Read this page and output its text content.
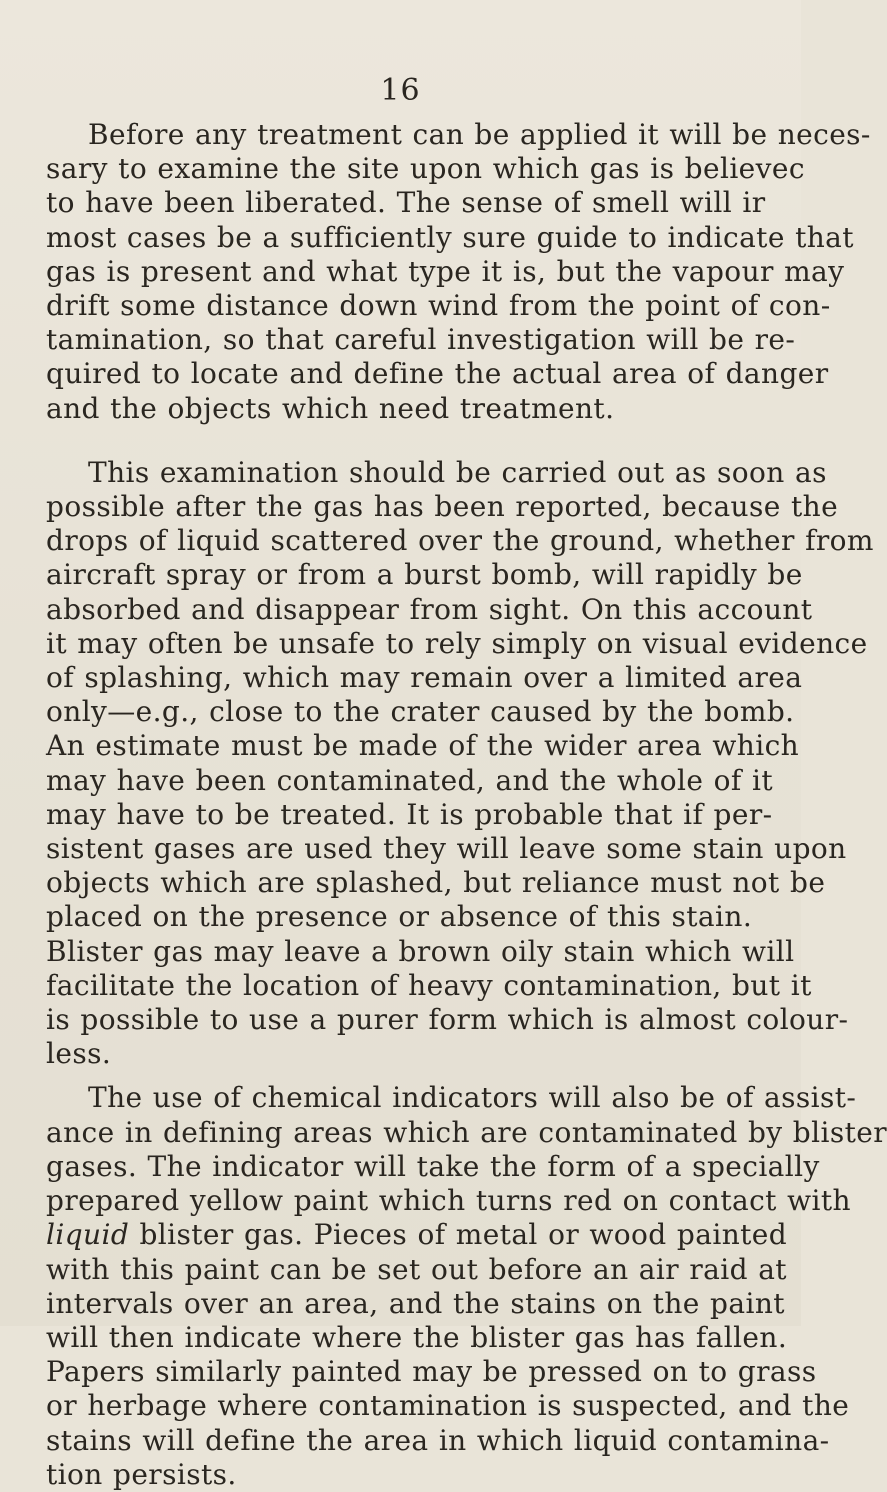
16
Before any treatment can be applied it will be neces-
sary to examine the site upon which gas is believec
to have been liberated. The sense of smell will ir
most cases be a sufficiently sure guide to indicate that
gas is present and what type it is, but the vapour may
drift some distance down wind from the point of con-
tamination, so that careful investigation will be re-
quired to locate and define the actual area of danger
and the objects which need treatment.
This examination should be carried out as soon as
possible after the gas has been reported, because the
drops of liquid scattered over the ground, whether from
aircraft spray or from a burst bomb, will rapidly be
absorbed and disappear from sight. On this account
it may often be unsafe to rely simply on visual evidence
of splashing, which may remain over a limited area
only—e.g., close to the crater caused by the bomb.
An estimate must be made of the wider area which
may have been contaminated, and the whole of it
may have to be treated. It is probable that if per-
sistent gases are used they will leave some stain upon
objects which are splashed, but reliance must not be
placed on the presence or absence of this stain.
Blister gas may leave a brown oily stain which will
facilitate the location of heavy contamination, but it
is possible to use a purer form which is almost colour-
less.
The use of chemical indicators will also be of assist-
ance in defining areas which are contaminated by blister
gases. The indicator will take the form of a specially
prepared yellow paint which turns red on contact with
liquid blister gas. Pieces of metal or wood painted
with this paint can be set out before an air raid at
intervals over an area, and the stains on the paint
will then indicate where the blister gas has fallen.
Papers similarly painted may be pressed on to grass
or herbage where contamination is suspected, and the
stains will define the area in which liquid contamina-
tion persists.
